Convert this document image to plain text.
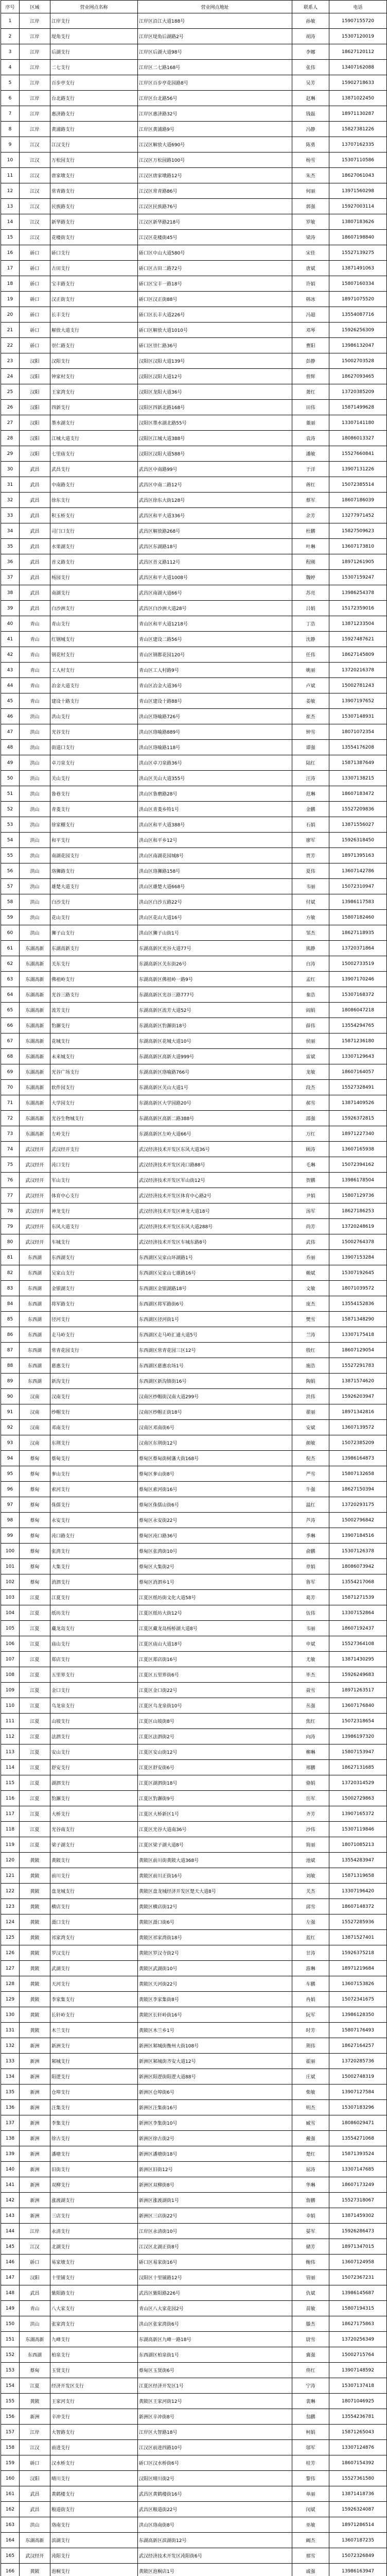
序号	区域	营业网点名称	营业网点地址	联系人	电话
1	江岸	江岸支行	江岸区沿江大道188号	孙敏	15907155720
2	江岸	堤角支行	江岸区堤角后湖路2号	胡涛	15307120019
3	江岸	后湖支行	江岸区后湖大道98号	李娜	18627120112
4	江岸	二七支行	江岸区二七路168号	张伟	13407162088
5	江岸	百步亭支行	江岸区百步亭花园路8号	吴芳	15902718633
6	江岸	台北路支行	江岸区台北路56号	赵琳	13871022450
7	江岸	惠济路支行	江岸区惠济路32号	钱磊	18971130287
8	江岸	黄浦路支行	江岸区黄浦路9号	冯静	15827381226
9	江汉	江汉支行	江汉区解放大道690号	陈勇	13707162335
10	江汉	万松园支行	江汉区万松园路100号	杨雪	15307110586
11	江汉	唐家墩支行	江汉区唐家墩路12号	朱杰	18627061043
12	江汉	常青路支行	江汉区常青路86号	何丽	13971560298
13	江汉	民族路支行	江汉区民族路76号	郭强	15927003114
14	江汉	新华路支行	江汉区新华路218号	罗敏	13807183626
15	江汉	花楼街支行	江汉区花楼街45号	梁涛	18607198840
16	硚口	硚口支行	硚口区中山大道580号	宋佳	15527139275
17	硚口	古田支行	硚口区古田二路72号	唐斌	13871491063
18	硚口	宝丰路支行	硚口区宝丰一路18号	许娟	15807160334
19	硚口	汉正街支行	硚口区汉正街88号	韩冰	18971075520
20	硚口	长丰支行	硚口区长丰大道226号	冯超	13554087716
21	硚口	解放大道支行	硚口区解放大道1010号	邓琴	15926256309
22	硚口	崇仁路支行	硚口区崇仁路36号	曹阳	13986132047
23	汉阳	汉阳支行	汉阳区汉阳大道139号	彭静	15002703528
24	汉阳	钟家村支行	汉阳区汉阳大道12号	曾辉	18627093465
25	汉阳	王家湾支行	汉阳区龙阳大道36号	萧红	13720385209
26	汉阳	四新支行	汉阳区四新北路168号	田伟	15871499628
27	汉阳	墨水湖支行	汉阳区墨水湖北路55号	董丽	13307141180
28	汉阳	江城大道支行	汉阳区江城大道388号	袁涛	18086013327
29	汉阳	七里庙支行	汉阳区汉阳大道588号	潘敏	15527660841
30	武昌	武昌支行	武昌区中南路99号	于洋	13907131226
31	武昌	中南路支行	武昌区中南二路12号	蒋红	15072385514
32	武昌	徐东支行	武昌区徐东大街128号	蔡军	18607186039
33	武昌	积玉桥支行	武昌区和平大道336号	余芳	13277971452
34	武昌	司门口支行	武昌区解放路268号	杜鹏	15827509623
35	武昌	水果湖支行	武昌区东湖路18号	叶琳	13607173810
36	武昌	首义路支行	武昌区首义路112号	程刚	18971261905
37	武昌	杨园支行	武昌区和平大道1008号	魏婷	15307159247
38	武昌	南湖支行	武昌区南湖大道66号	苏亮	13986254378
39	武昌	白沙洲支行	武昌区白沙洲大道28号	吕娟	15172359016
40	青山	青山支行	青山区和平大道1218号	丁浩	13871233504
41	青山	红钢城支行	青山区建设二路56号	沈静	15927487621
42	青山	钢花村支行	青山区钢都花园120号	任伟	18627145809
43	青山	工人村支行	青山区工人村路9号	姚丽	13720216378
44	青山	冶金大道支行	青山区冶金大道36号	卢斌	15002781243
45	青山	建设十路支行	青山区建设十路88号	姜敏	13907197652
46	洪山	洪山支行	洪山区珞喻路726号	崔杰	15307148931
47	洪山	光谷支行	洪山区珞喻路889号	钟雪	18071072354
48	洪山	街道口支行	洪山区珞喻路118号	谭强	13554176208
49	洪山	卓刀泉支行	洪山区卓刀泉路36号	陆红	15871387649
50	洪山	关山支行	洪山区关山大道355号	汪涛	13307138215
51	洪山	鲁巷支行	洪山区鲁磨路28号	范琳	18607183472
52	洪山	青菱支行	洪山区青菱乡特1号	金鹏	15527209836
53	洪山	徐家棚支行	洪山区和平大道388号	石娟	13871556027
54	洪山	和平支行	洪山区和平乡12号	廖军	15926318450
55	洪山	南湖花园支行	洪山区南湖花园城8号	贾芳	18971395163
56	洪山	珞狮路支行	洪山区珞狮路158号	夏伟	13607142786
57	洪山	雄楚大道支行	洪山区雄楚大道668号	韦丽	15072310947
58	洪山	白沙支行	洪山区白沙五路22号	付斌	13986117583
59	洪山	花山支行	洪山区花山大道16号	方敏	15807182460
60	洪山	狮子山支行	洪山区狮子山街1号	邹杰	18627118935
61	东湖高新	东湖高新支行	东湖高新区光谷大道77号	熊静	13720371864
62	东湖高新	关东支行	东湖高新区关东街26号	白涛	15002733519
63	东湖高新	佛祖岭支行	东湖高新区佛祖岭一路9号	孟红	13907170246
64	东湖高新	光谷三路支行	东湖高新区光谷三路777号	秦浩	15307168372
65	东湖高新	流芳支行	东湖高新区流芳大道52号	阎娟	18086047218
66	东湖高新	豹澥支行	东湖高新区豹澥街18号	薛伟	13554294765
67	东湖高新	花城支行	东湖高新区花城大道10号	侯丽	15871236180
68	东湖高新	未来城支行	东湖高新区高新大道999号	雷斌	13307129643
69	东湖高新	光谷广场支行	东湖高新区珞喻路766号	龙敏	18607164057
70	东湖高新	软件园支行	东湖高新区关山大道1号	段杰	15527328491
71	东湖高新	大学园支行	东湖高新区大学园路20号	郝雪	13871409526
72	东湖高新	光谷生物城支行	东湖高新区高新二路388号	邵强	15926372815
73	东湖高新	左岭支行	东湖高新区左岭大道66号	万红	18971227340
74	武汉经开	武汉经开支行	武汉经济技术开发区东风大道36号	顾涛	13607165938
75	武汉经开	沌口支行	武汉经济技术开发区沌口路88号	毛琳	15072394162
76	武汉经开	军山支行	武汉经济技术开发区军山街12号	贺鹏	13986178504
77	武汉经开	体育中心支行	武汉经济技术开发区体育中心路2号	尹娟	15807129736
78	武汉经开	神龙支行	武汉经济技术开发区神龙大道18号	汤军	18627186253
79	武汉经开	东风大道支行	武汉经济技术开发区东风大道288号	尚芳	13720248619
80	武汉经开	车城支行	武汉经济技术开发区车城东路8号	武伟	15002764378
81	东西湖	东西湖支行	东西湖区吴家山环湖路1号	乔丽	13907153284
82	东西湖	吴家山支行	东西湖区吴家山七雄路16号	赖斌	15307192645
83	东西湖	金银湖支行	东西湖区金银湖路18号	文敏	18071039572
84	东西湖	将军路支行	东西湖区将军路街6号	庞杰	13554152836
85	东西湖	径河支行	东西湖区径河街1号	樊雪	15871348290
86	东西湖	走马岭支行	东西湖区走马岭汇通大道5号	兰涛	13307175418
87	东西湖	常青花园支行	东西湖区常青花园三区12号	殷红	18607129054
88	东西湖	慈惠支行	东西湖区慈惠农场1号	施浩	15527291783
89	东西湖	新沟支行	东西湖区新沟镇街16号	陶娟	13871574620
90	汉南	汉南支行	汉南区纱帽街汉南大道299号	洪伟	15926203947
91	汉南	纱帽支行	汉南区纱帽正街18号	翟丽	18971342816
92	汉南	邓南支行	汉南区邓南街6号	安斌	13607139572
93	汉南	东荆支行	汉南区东荆街12号	颜敏	15072385209
94	蔡甸	蔡甸支行	蔡甸区蔡甸街树藩大街168号	倪杰	13986164873
95	蔡甸	奓山支行	蔡甸区奓山街8号	严雪	15807132658
96	蔡甸	索河支行	蔡甸区索河街16号	牛强	18627150394
97	蔡甸	侏儒支行	蔡甸区侏儒山街6号	温红	13720293175
98	蔡甸	永安支行	蔡甸区永安街22号	芦涛	15002796842
99	蔡甸	沌口路支行	蔡甸区沌口路36号	季琳	13907184516
100	蔡甸	张湾支行	蔡甸区张湾街10号	俞鹏	15307126378
101	蔡甸	大集支行	蔡甸区大集街2号	章娟	18086073942
102	蔡甸	消泗支行	蔡甸区消泗乡1号	鲁军	13554217068
103	江夏	江夏支行	江夏区纸坊街文化大道58号	葛芳	15871271539
104	江夏	纸坊支行	江夏区纸坊大街12号	伍伟	13307152864
105	江夏	藏龙岛支行	江夏区藏龙岛杨桥湖大道8号	韦丽	18607192437
106	江夏	庙山支行	江夏区庙山大道18号	申斌	15527364108
107	江夏	郑店支行	江夏区郑店街16号	尤敏	13871430295
108	江夏	五里界支行	江夏区五里界街6号	毕杰	15926249683
109	江夏	金口支行	江夏区金口街22号	聂雪	18971263517
110	江夏	乌龙泉支行	江夏区乌龙泉街10号	丛强	13607176840
111	江夏	山坡支行	江夏区山坡街8号	焦红	15072318654
112	江夏	法泗支行	江夏区法泗街2号	向涛	13986197320
113	江夏	安山支行	江夏区安山街12号	柳琳	15807153947
114	江夏	舒安支行	江夏区舒安街6号	邢鹏	18627131685
115	江夏	湖泗支行	江夏区湖泗街18号	骆娟	13720314529
116	江夏	豹澥支行	江夏区豹澥街9号	岳军	15002729863
117	江夏	大桥支行	江夏区大桥新区1号	齐芳	13907165372
118	江夏	光谷南支行	江夏区光谷大道南36号	沙伟	15307119846
119	江夏	梁子湖支行	江夏区梁子湖大道8号	简丽	18071085213
120	黄陂	黄陂支行	黄陂区前川街黄陂大道368号	池斌	13554283947
121	黄陂	前川支行	黄陂区前川正街16号	刘敏	15871319658
122	黄陂	盘龙城支行	黄陂区盘龙城经济开发区楚天大道8号	关杰	13307196420
123	黄陂	横店支行	黄陂区横店街12号	邱雪	18607148372
124	黄陂	滠口支行	黄陂区滠口街6号	左强	15527285936
125	黄陂	祁家湾支行	黄陂区祁家湾街18号	蓝红	13871527401
126	黄陂	罗汉支行	黄陂区罗汉寺街2号	甘涛	15926375218
127	黄陂	武湖支行	黄陂区武湖街10号	游琳	18971219684
128	黄陂	天河支行	黄陂区天河街22号	车鹏	13607153826
129	黄陂	李家集支行	黄陂区李家集街8号	冉娟	15072341675
130	黄陂	长轩岭支行	黄陂区长轩岭街16号	阮军	13986128350
131	黄陂	木兰支行	黄陂区木兰乡1号	时芳	15807176493
132	新洲	新洲支行	新洲区邾城街衡州大街108号	荆伟	18627164257
133	新洲	邾城支行	新洲区邾城街齐安大道12号	霍丽	13720285736
134	新洲	阳逻支行	新洲区阳逻街阳逻大道88号	庄斌	15002748319
135	新洲	仓埠支行	新洲区仓埠街6号	柴敏	13907127584
136	新洲	汪集支行	新洲区汪集街16号	明杰	15307183296
137	新洲	李集支行	新洲区李集街10号	臧雪	18086029471
138	新洲	徐古支行	新洲区徐古街2号	戴强	13554271068
139	新洲	潘塘支行	新洲区潘塘街18号	楚红	15871393524
140	新洲	旧街支行	新洲区旧街12号	屈涛	13307147685
141	新洲	双柳支行	新洲区双柳街8号	华琳	18607173249
142	新洲	涨渡湖支行	新洲区涨渡湖街1号	詹鹏	15527318067
143	新洲	三店支行	新洲区三店街22号	幸娟	13871459302
144	江岸	永清支行	江岸区永清街10号	晏军	15926286473
145	江汉	北湖支行	江汉区北湖正街8号	储芳	18971347015
146	硚口	易家墩支行	硚口区易家街16号	鲍伟	13607124958
147	汉阳	十里铺支行	汉阳区十里铺路12号	管丽	15072367231
148	武昌	紫阳路支行	武昌区紫阳路226号	仇斌	13986145687
149	青山	八大家支行	青山区八大家花园2号	苗敏	15807194315
150	洪山	张家湾支行	洪山区张家湾街6号	滕杰	18627175863
151	东湖高新	九峰支行	东湖高新区九峰一路18号	尉雪	13720256349
152	东西湖	柏泉支行	东西湖区柏泉街1号	冀强	15002715764
153	蔡甸	玉贤支行	蔡甸区玉贤街6号	佟红	13907148592
154	江夏	经济开发区支行	江夏区经济开发区1号	宁涛	15307137418
155	黄陂	王家河支行	黄陂区王家河街12号	裴琳	18071046925
156	新洲	辛冲支行	新洲区辛冲街8号	翁鹏	13554236781
157	江岸	大智路支行	江岸区大智路18号	柯娟	15871265043
158	江汉	前进支行	江汉区前进四路10号	邬军	13307124876
159	硚口	汉水桥支行	硚口区汉水桥街6号	桂芳	18607154392
160	汉阳	晴川支行	汉阳区晴川街2号	黎伟	15527361580
161	武昌	黄鹤楼支行	武昌区黄鹤楼街16号	单丽	13871418736
162	武昌	粮道街支行	武昌区粮道街22号	闵斌	15926324087
163	洪山	珞南支行	洪山区珞南街8号	巫敏	18971286514
164	东湖高新	滨湖支行	东湖高新区滨湖街12号	阚杰	13607187235
165	武汉经开	沌阳支行	武汉经济技术开发区沌阳街6号	那雪	15072326849
166	黄陂	泡桐支行	黄陂区泡桐店1号	戚强	13986163947
